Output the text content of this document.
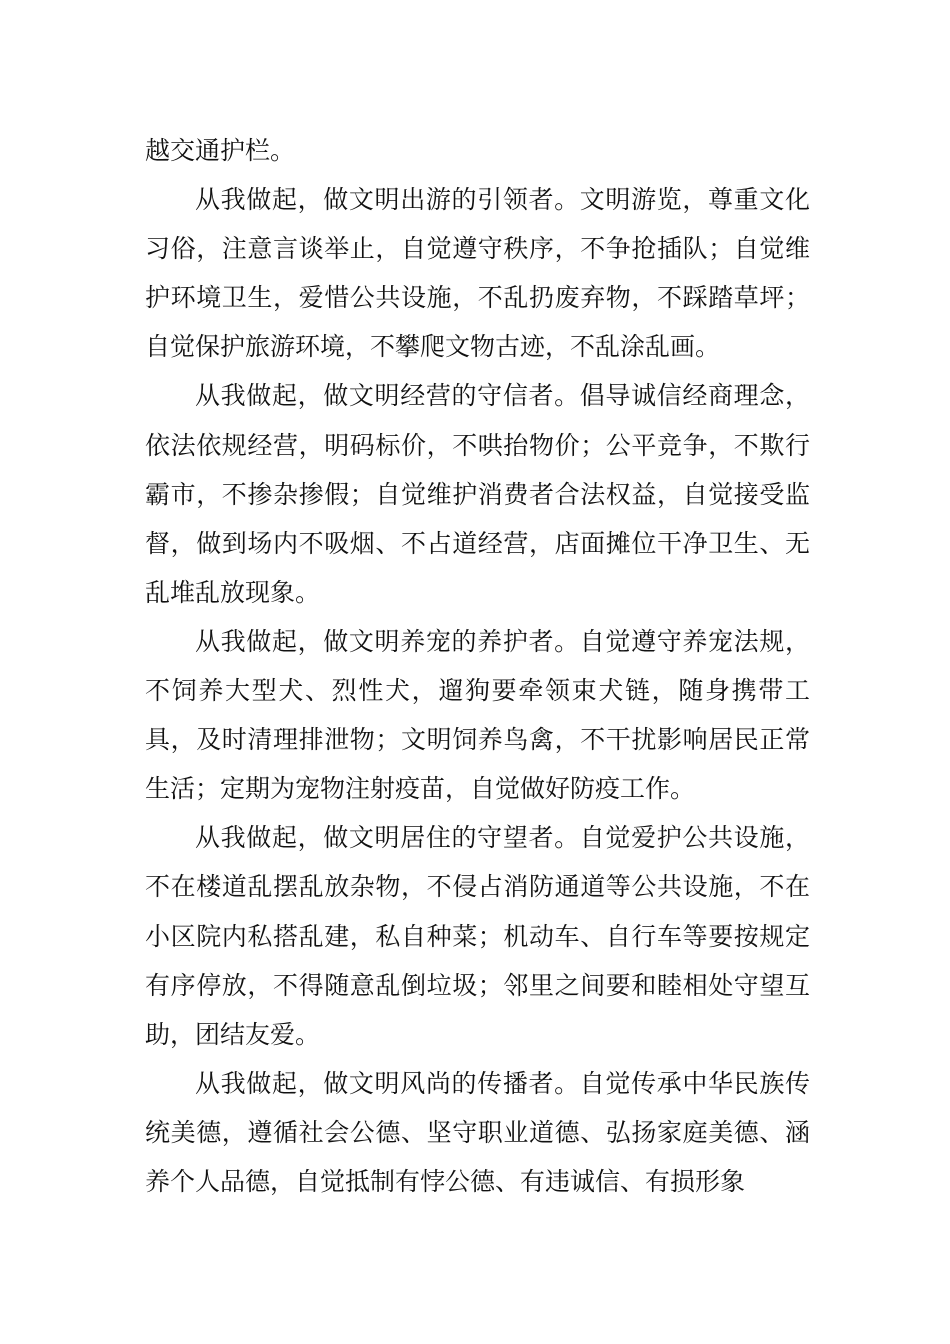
越交通护栏。

从我做起，做文明出游的引领者。文明游览，尊重文化习俗，注意言谈举止，自觉遵守秩序，不争抢插队；自觉维护环境卫生，爱惜公共设施，不乱扔废弃物，不踩踏草坪；自觉保护旅游环境，不攀爬文物古迹，不乱涂乱画。

从我做起，做文明经营的守信者。倡导诚信经商理念，依法依规经营，明码标价，不哄抬物价；公平竞争，不欺行霸市，不掺杂掺假；自觉维护消费者合法权益，自觉接受监督，做到场内不吸烟、不占道经营，店面摊位干净卫生、无乱堆乱放现象。

从我做起，做文明养宠的养护者。自觉遵守养宠法规，不饲养大型犬、烈性犬，遛狗要牵领束犬链，随身携带工具，及时清理排泄物；文明饲养鸟禽，不干扰影响居民正常生活；定期为宠物注射疫苗，自觉做好防疫工作。

从我做起，做文明居住的守望者。自觉爱护公共设施，不在楼道乱摆乱放杂物，不侵占消防通道等公共设施，不在小区院内私搭乱建，私自种菜；机动车、自行车等要按规定有序停放，不得随意乱倒垃圾；邻里之间要和睦相处守望互助，团结友爱。

从我做起，做文明风尚的传播者。自觉传承中华民族传统美德，遵循社会公德、坚守职业道德、弘扬家庭美德、涵养个人品德，自觉抵制有悖公德、有违诚信、有损形象
